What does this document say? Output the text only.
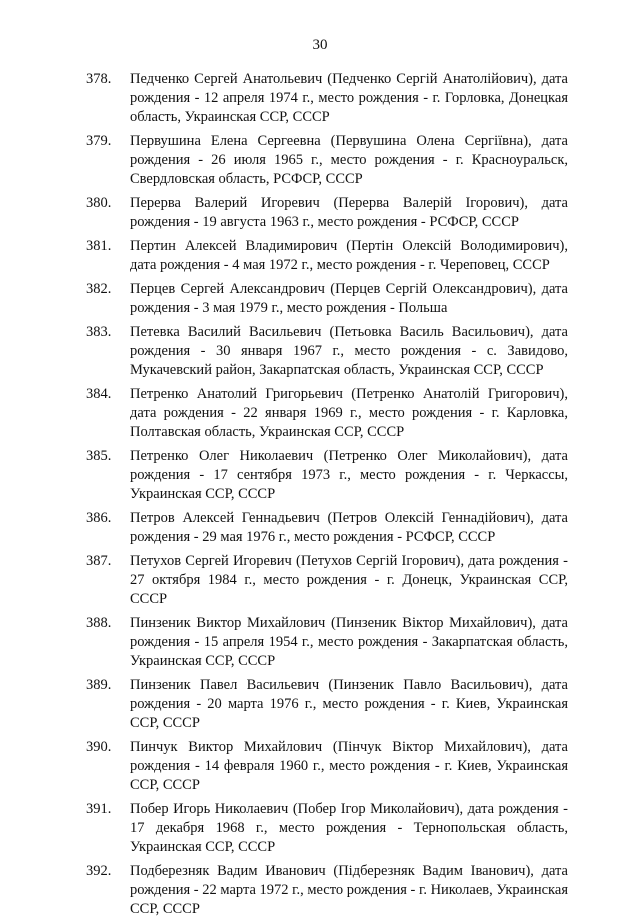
30
378.	Педченко Сергей Анатольевич (Педченко Сергій Анатолійович), дата рождения - 12 апреля 1974 г., место рождения - г. Горловка, Донецкая область, Украинская ССР, СССР
379.	Первушина Елена Сергеевна (Первушина Олена Сергіївна), дата рождения - 26 июля 1965 г., место рождения - г. Красноуральск, Свердловская область, РСФСР, СССР
380.	Перерва Валерий Игоревич (Перерва Валерій Ігорович), дата рождения - 19 августа 1963 г., место рождения - РСФСР, СССР
381.	Пертин Алексей Владимирович (Пертін Олексій Володимирович), дата рождения - 4 мая 1972 г., место рождения - г. Череповец, СССР
382.	Перцев Сергей Александрович (Перцев Сергій Олександрович), дата рождения - 3 мая 1979 г., место рождения - Польша
383.	Петевка Василий Васильевич (Петьовка Василь Васильович), дата рождения - 30 января 1967 г., место рождения - с. Завидово, Мукачевский район, Закарпатская область, Украинская ССР, СССР
384.	Петренко Анатолий Григорьевич (Петренко Анатолій Григорович), дата рождения - 22 января 1969 г., место рождения - г. Карловка, Полтавская область, Украинская ССР, СССР
385.	Петренко Олег Николаевич (Петренко Олег Миколайович), дата рождения - 17 сентября 1973 г., место рождения - г. Черкассы, Украинская ССР, СССР
386.	Петров Алексей Геннадьевич (Петров Олексій Геннадійович), дата рождения - 29 мая 1976 г., место рождения - РСФСР, СССР
387.	Петухов Сергей Игоревич (Петухов Сергій Ігорович), дата рождения - 27 октября 1984 г., место рождения - г. Донецк, Украинская ССР, СССР
388.	Пинзеник Виктор Михайлович (Пинзеник Віктор Михайлович), дата рождения - 15 апреля 1954 г., место рождения - Закарпатская область, Украинская ССР, СССР
389.	Пинзеник Павел Васильевич (Пинзеник Павло Васильович), дата рождения - 20 марта 1976 г., место рождения - г. Киев, Украинская ССР, СССР
390.	Пинчук Виктор Михайлович (Пінчук Віктор Михайлович), дата рождения - 14 февраля 1960 г., место рождения - г. Киев, Украинская ССР, СССР
391.	Побер Игорь Николаевич (Побер Ігор Миколайович), дата рождения - 17 декабря 1968 г., место рождения - Тернопольская область, Украинская ССР, СССР
392.	Подберезняк Вадим Иванович (Підберезняк Вадим Іванович), дата рождения - 22 марта 1972 г., место рождения - г. Николаев, Украинская ССР, СССР
